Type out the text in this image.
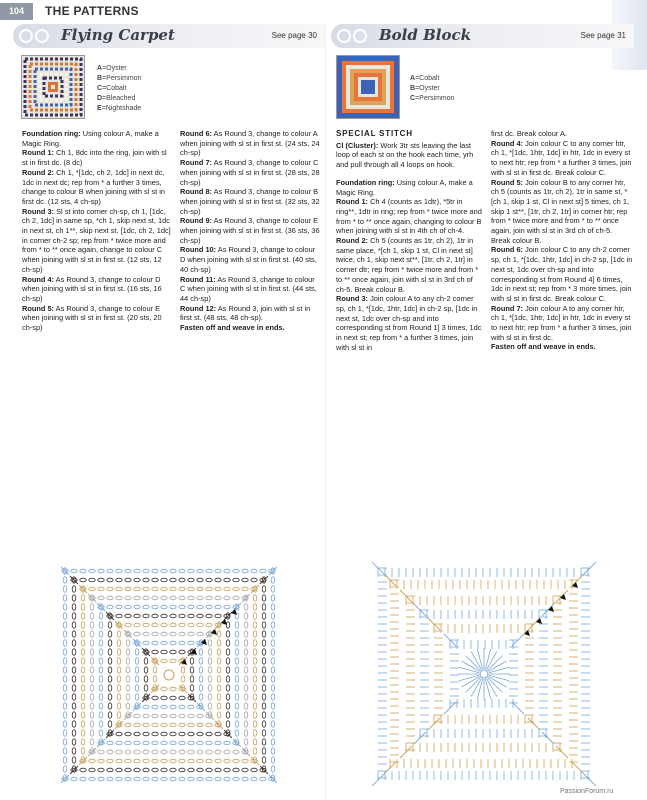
104	THE PATTERNS
Flying Carpet	See page 30	Bold Block	See page 31
A=Oyster
B=Persimmon
C=Cobalt
D=Bleached
E=Nightshade
A=Cobalt
B=Oyster
C=Persimmon

Foundation ring: Using colour A, make a Magic Ring.

Round 1: Ch 1, 8dc into the ring, join with sl st in first dc. (8 dc)

Round 2: Ch 1, *[1dc, ch 2, 1dc] in next dc, 1dc in next dc; rep from * a further 3 times, change to colour B when joining with sl st in first dc. (12 sts, 4 ch-sp)

Round 3: Sl st into corner ch-sp, ch 1, [1dc, ch 2, 1dc] in same sp, *ch 1, skip next st, 1dc in next st, ch 1**, skip next st, [1dc, ch 2, 1dc] in corner ch-2 sp; rep from * twice more and from * to ** once again, change to colour C when joining with sl st in first st. (12 sts, 12 ch-sp)

Round 4: As Round 3, change to colour D when joining with sl st in first st. (16 sts, 16 ch-sp)

Round 5: As Round 3, change to colour E when joining with sl st in first st. (20 sts, 20 ch-sp)

Round 6: As Round 3, change to colour A when joining with sl st in first st. (24 sts, 24 ch-sp)

Round 7: As Round 3, change to colour C when joining with sl st in first st. (28 sts, 28 ch-sp)

Round 8: As Round 3, change to colour B when joining with sl st in first st. (32 sts, 32 ch-sp)

Round 9: As Round 3, change to colour E when joining with sl st in first st. (36 sts, 36 ch-sp)

Round 10: As Round 3, change to colour D when joining with sl st in first st. (40 sts, 40 ch-sp)

Round 11: As Round 3, change to colour C when joining with sl st in first st. (44 sts, 44 ch-sp)

Round 12: As Round 3, join with sl st in first st. (48 sts, 48 ch-sp).

Fasten off and weave in ends.

SPECIAL STITCH

Cl (Cluster): Work 3tr sts leaving the last loop of each st on the hook each time, yrh and pull through all 4 loops on hook.

Foundation ring: Using colour A, make a Magic Ring.

Round 1: Ch 4 (counts as 1dtr), *5tr in ring**, 1dtr in ring; rep from * twice more and from * to ** once again, changing to colour B when joining with sl st in 4th ch of ch-4.

Round 2: Ch 5 (counts as 1tr, ch 2), 1tr in same place, *[ch 1, skip 1 st, Cl in next st] twice, ch 1, skip next st**, [1tr, ch 2, 1tr] in corner dtr; rep from * twice more and from * to ** once again, join with sl st in 3rd ch of ch-5. Break colour B.

Round 3: Join colour A to any ch-2 corner sp, ch 1, *[1dc, 1htr, 1dc] in ch-2 sp, [1dc in next st, 1dc over ch-sp and into corresponding st from Round 1] 3 times, 1dc in next st; rep from * a further 3 times, join with sl st in

first dc. Break colour A.

Round 4: Join colour C to any corner htr, ch 1, *[1dc, 1htr, 1dc] in htr, 1dc in every st to next htr; rep from * a further 3 times, join with sl st in first dc. Break colour C.

Round 5: Join colour B to any corner htr, ch 5 (counts as 1tr, ch 2), 1tr in same st, *[ch 1, skip 1 st, Cl in next st] 5 times, ch 1, skip 1 st**, [1tr, ch 2, 1tr] in corner htr; rep from * twice more and from * to ** once again, join with sl st in 3rd ch of ch-5. Break colour B.

Round 6: Join colour C to any ch-2 corner sp, ch 1, *[1dc, 1htr, 1dc] in ch-2 sp, [1dc in next st, 1dc over ch-sp and into corresponding st from Round 4] 6 times, 1dc in next st; rep from * 3 more times, join with sl st in first dc. Break colour C.

Round 7: Join colour A to any corner htr, ch 1, *[1dc, 1htr, 1dc] in htr, 1dc in every st to next htr; rep from * a further 3 times, join with sl st in first dc.

Fasten off and weave in ends.

PassionForum.ru
